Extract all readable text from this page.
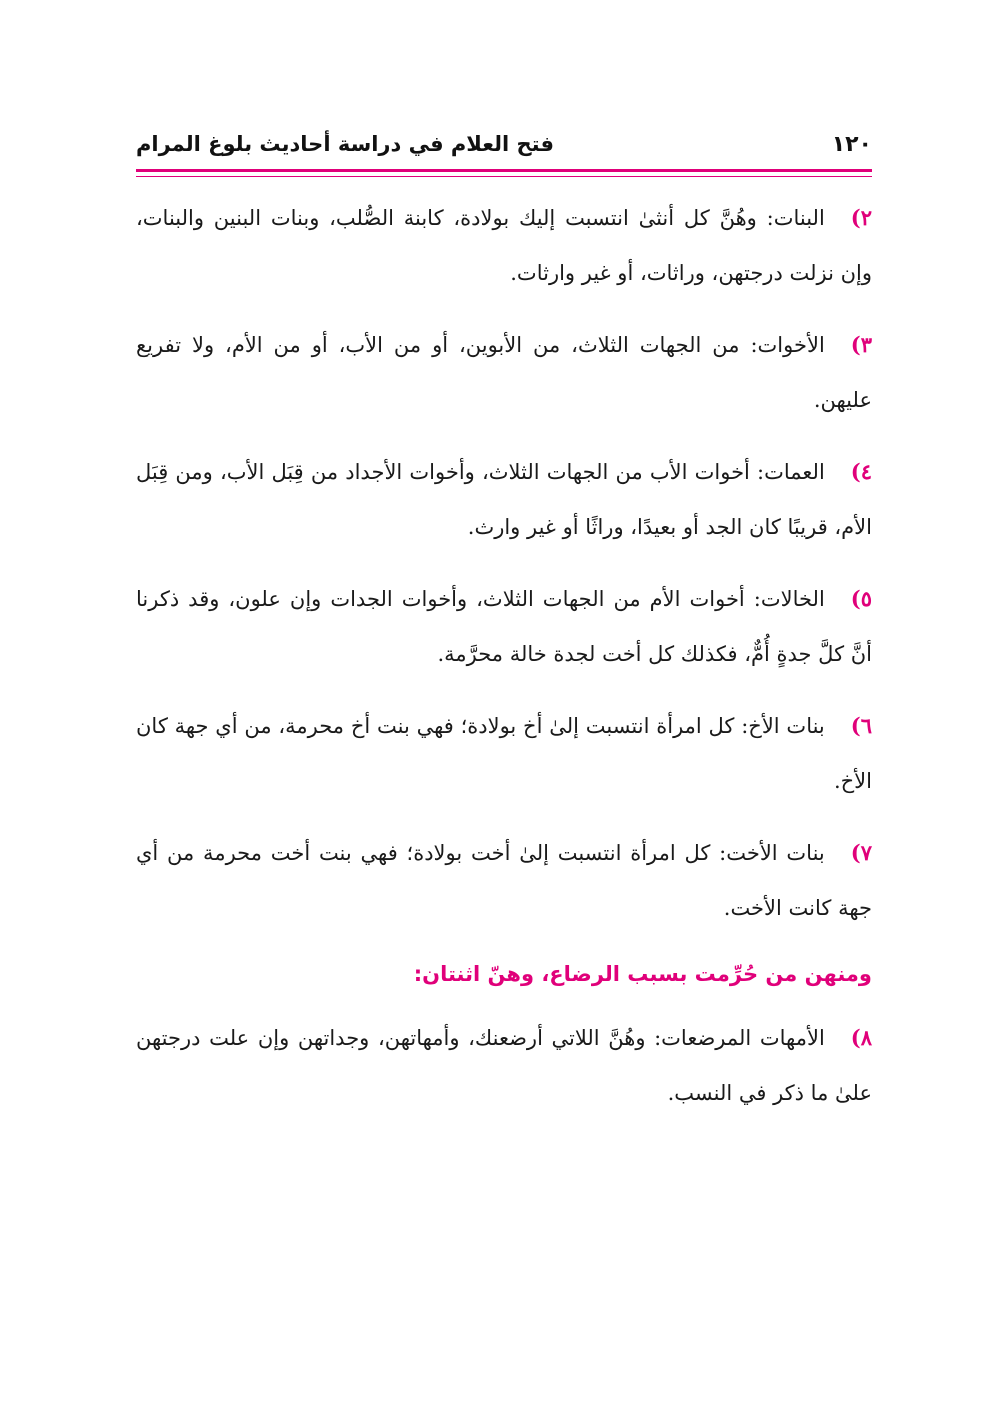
١٢٠
فتح العلام في دراسة أحاديث بلوغ المرام

٢)البنات: وهُنَّ كل أنثىٰ انتسبت إليك بولادة، كابنة الصُّلب، وبنات البنين والبنات، وإن نزلت درجتهن، وراثات، أو غير وارثات.

٣)الأخوات: من الجهات الثلاث، من الأبوين، أو من الأب، أو من الأم، ولا تفريع عليهن.

٤)العمات: أخوات الأب من الجهات الثلاث، وأخوات الأجداد من قِبَل الأب، ومن قِبَل الأم، قريبًا كان الجد أو بعيدًا، وراثًا أو غير وارث.

٥)الخالات: أخوات الأم من الجهات الثلاث، وأخوات الجدات وإن علون، وقد ذكرنا أنَّ كلَّ جدةٍ أُمٌّ، فكذلك كل أخت لجدة خالة محرَّمة.

٦)بنات الأخ: كل امرأة انتسبت إلىٰ أخ بولادة؛ فهي بنت أخ محرمة، من أي جهة كان الأخ.

٧)بنات الأخت: كل امرأة انتسبت إلىٰ أخت بولادة؛ فهي بنت أخت محرمة من أي جهة كانت الأخت.

ومنهن من حُرِّمت بسبب الرضاع، وهنّ اثنتان:

٨)الأمهات المرضعات: وهُنَّ اللاتي أرضعنك، وأمهاتهن، وجداتهن وإن علت درجتهن علىٰ ما ذكر في النسب.
